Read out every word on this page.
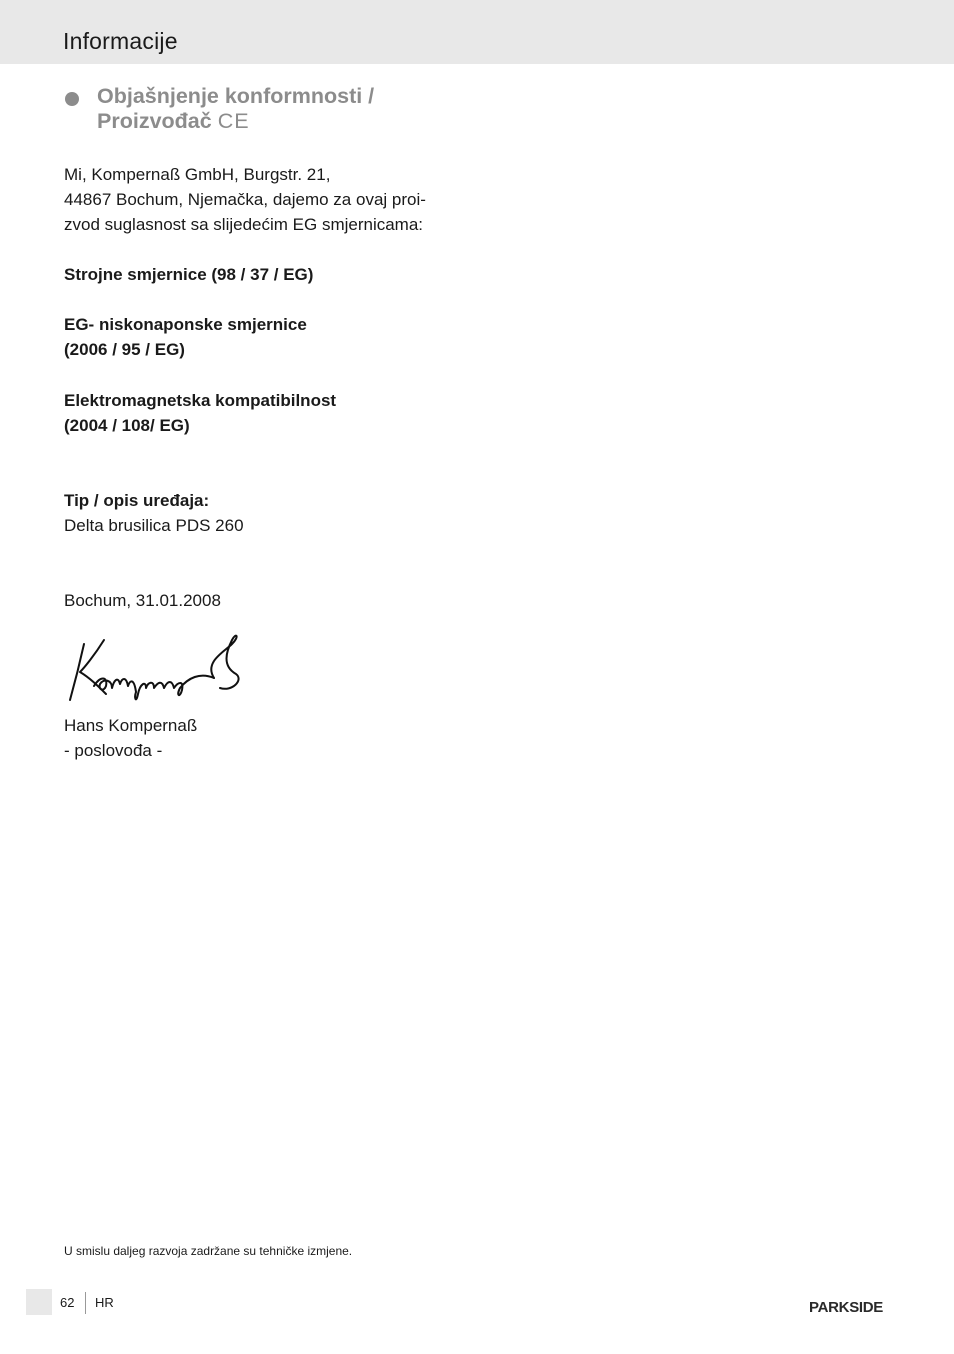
Informacije
Objašnjenje konformnosti /
Proizvođač CE
Mi, Kompernaß GmbH, Burgstr. 21,
44867 Bochum, Njemačka, dajemo za ovaj proi-
zvod suglasnost sa slijedećim EG smjernicama:
Strojne smjernice (98 / 37 / EG)
EG- niskonaponske smjernice
(2006 / 95 / EG)
Elektromagnetska kompatibilnost
(2004 / 108/ EG)
Tip / opis uređaja:
Delta brusilica PDS 260
Bochum, 31.01.2008
Hans Kompernaß
- poslovođa -
U smislu daljeg razvoja zadržane su tehničke izmjene.
62 HR	PARKSIDE
